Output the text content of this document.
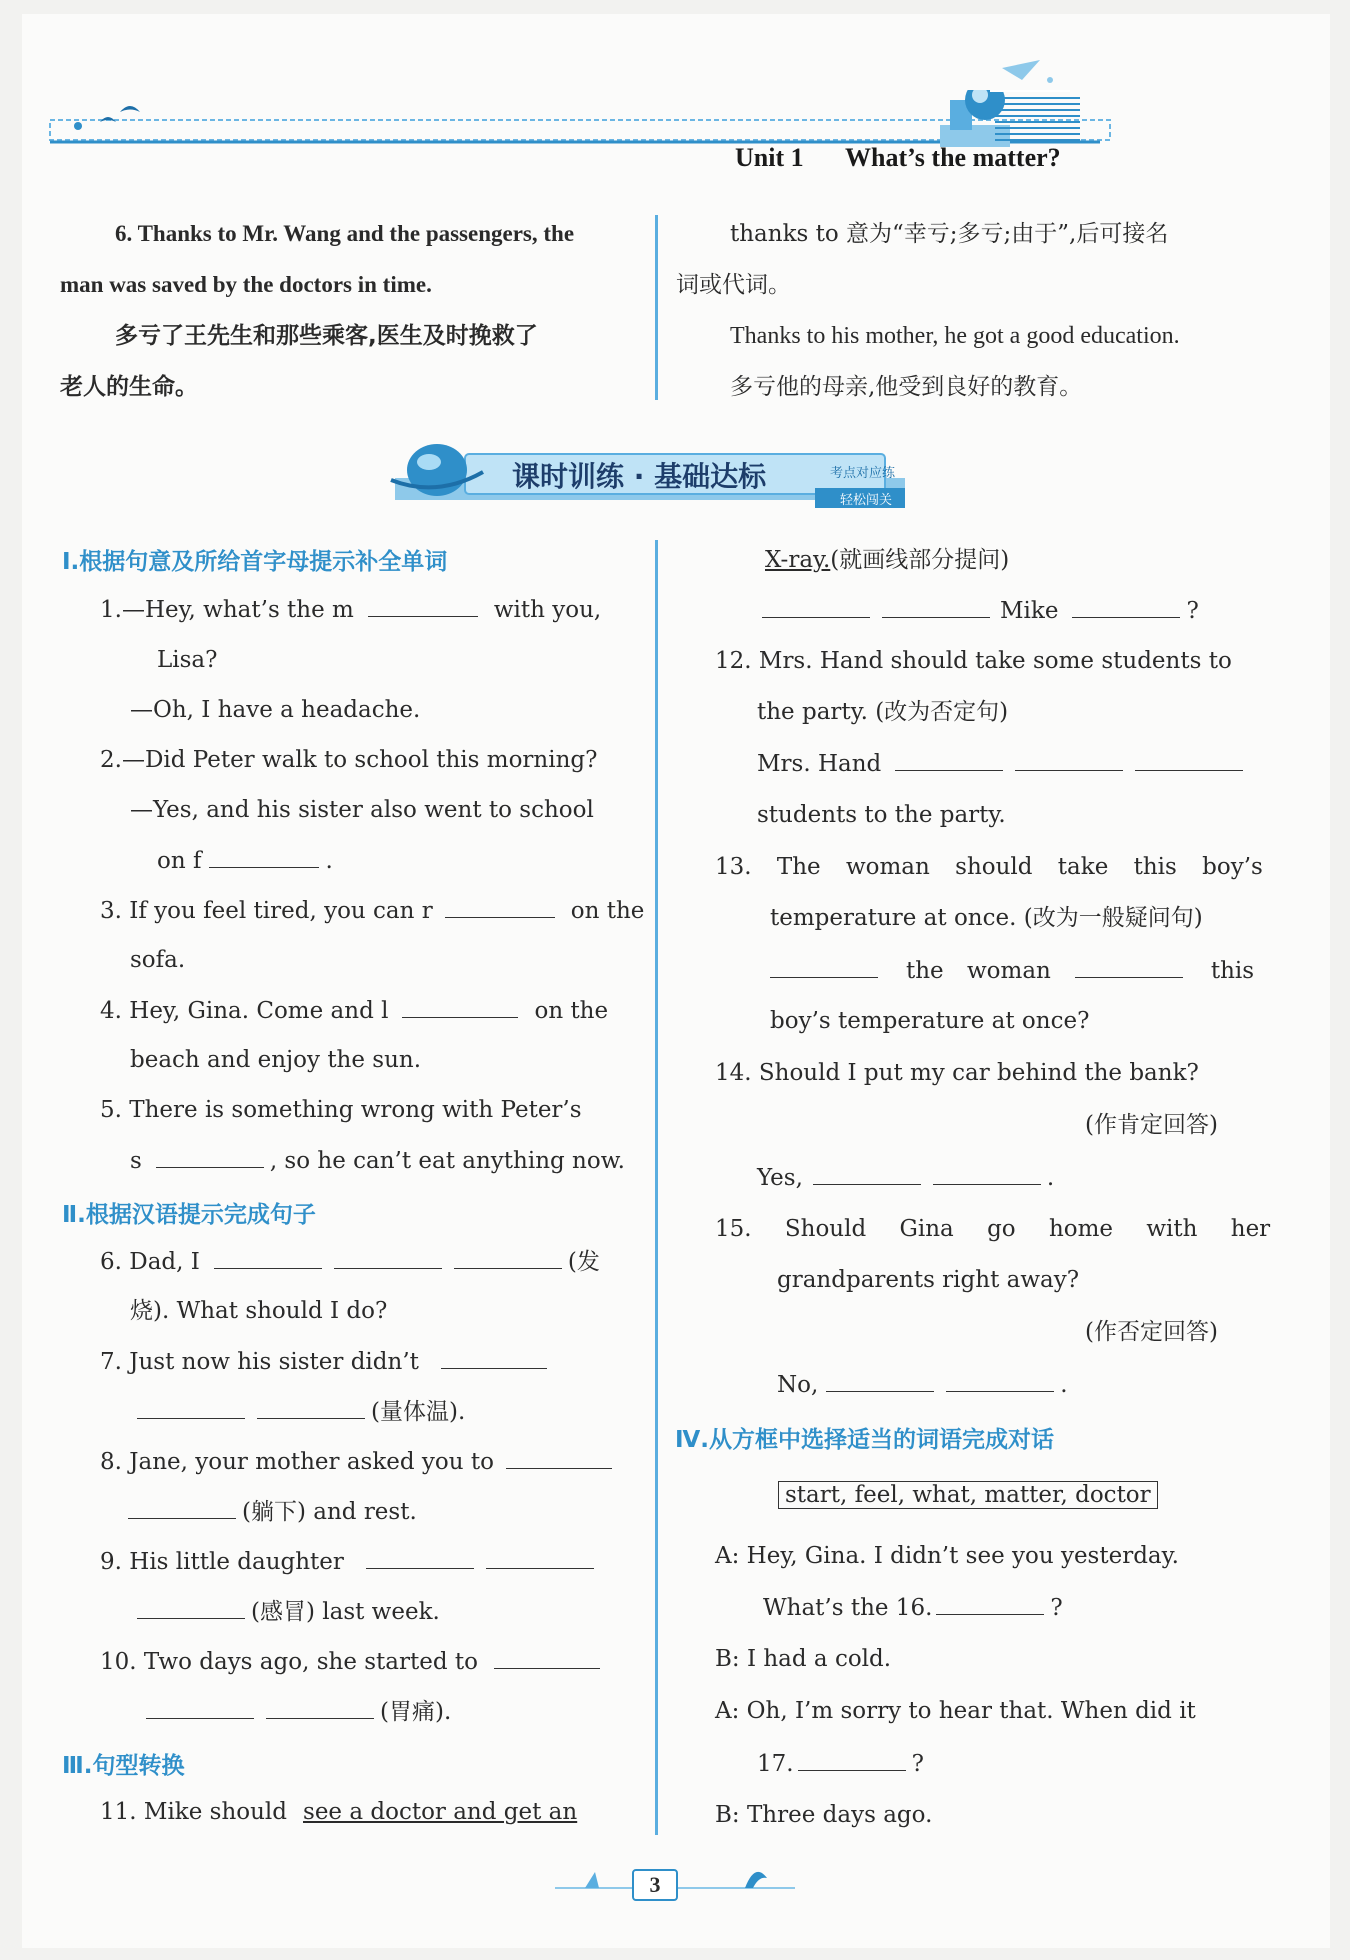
Unit 1 What’s the matter?
6. Thanks to Mr. Wang and the passengers, the
man was saved by the doctors in time.
多亏了王先生和那些乘客,医生及时挽救了
老人的生命。
thanks to 意为“幸亏;多亏;由于”,后可接名
词或代词。
Thanks to his mother, he got a good education.
多亏他的母亲,他受到良好的教育。
课时训练 · 基础达标	考点对应练
轻松闯关
Ⅰ.根据句意及所给首字母提示补全单词
1.—Hey, what’s the m	with you,
Lisa?
—Oh, I have a headache.
2.—Did Peter walk to school this morning?
—Yes, and his sister also went to school
on f	.
3. If you feel tired, you can r	on the
sofa.
4. Hey, Gina. Come and l	on the
beach and enjoy the sun.
5. There is something wrong with Peter’s
s	, so he can’t eat anything now.
Ⅱ.根据汉语提示完成句子
6. Dad, I	(发
烧). What should I do?
7. Just now his sister didn’t
(量体温).
8. Jane, your mother asked you to
(躺下) and rest.
9. His little daughter
(感冒) last week.
10. Two days ago, she started to
(胃痛).
Ⅲ.句型转换
11. Mike should see a doctor and get an
X-ray.(就画线部分提问)
Mike	?
12. Mrs. Hand should take some students to
the party. (改为否定句)
Mrs. Hand
students to the party.
13. The woman should take this boy’s
temperature at once. (改为一般疑问句)
the woman	this
boy’s temperature at once?
14. Should I put my car behind the bank?
(作肯定回答)
Yes,	.
15. Should Gina go home with her
grandparents right away?
(作否定回答)
No,	.
Ⅳ.从方框中选择适当的词语完成对话
start, feel, what, matter, doctor
A: Hey, Gina. I didn’t see you yesterday.
What’s the 16.	?
B: I had a cold.
A: Oh, I’m sorry to hear that. When did it
17.	?
B: Three days ago.
3
